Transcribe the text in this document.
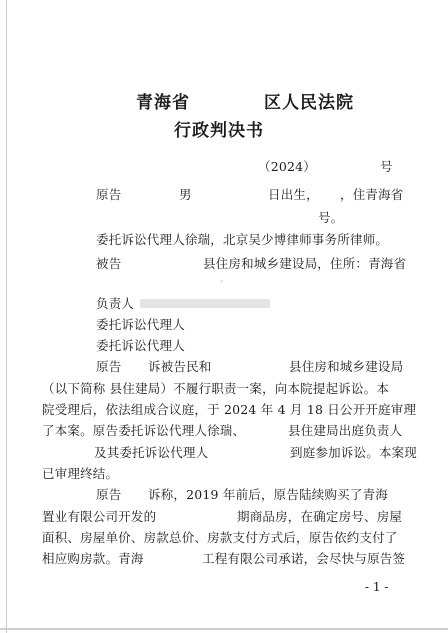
青海省	区人民法院
行政判决书
（2024）	号
原告	男	日出生， ，住青海省
号。
委托诉讼代理人徐瑞，北京吴少博律师事务所律师。
被告	县住房和城乡建设局，住所：青海省
负责人
委托诉讼代理人
委托诉讼代理人
原告 诉被告民和	县住房和城乡建设局
（以下简称 县住建局）不履行职责一案，向本院提起诉讼。本
院受理后，依法组成合议庭，于 2024 年 4 月 18 日公开开庭审理
了本案。原告委托诉讼代理人徐瑞、	县住建局出庭负责人
及其委托诉讼代理人	到庭参加诉讼。本案现
已审理终结。
原告 诉称，2019 年前后，原告陆续购买了青海
置业有限公司开发的	期商品房，在确定房号、房屋
面积、房屋单价、房款总价、房款支付方式后，原告依约支付了
相应购房款。青海	工程有限公司承诺，会尽快与原告签
- 1 -
